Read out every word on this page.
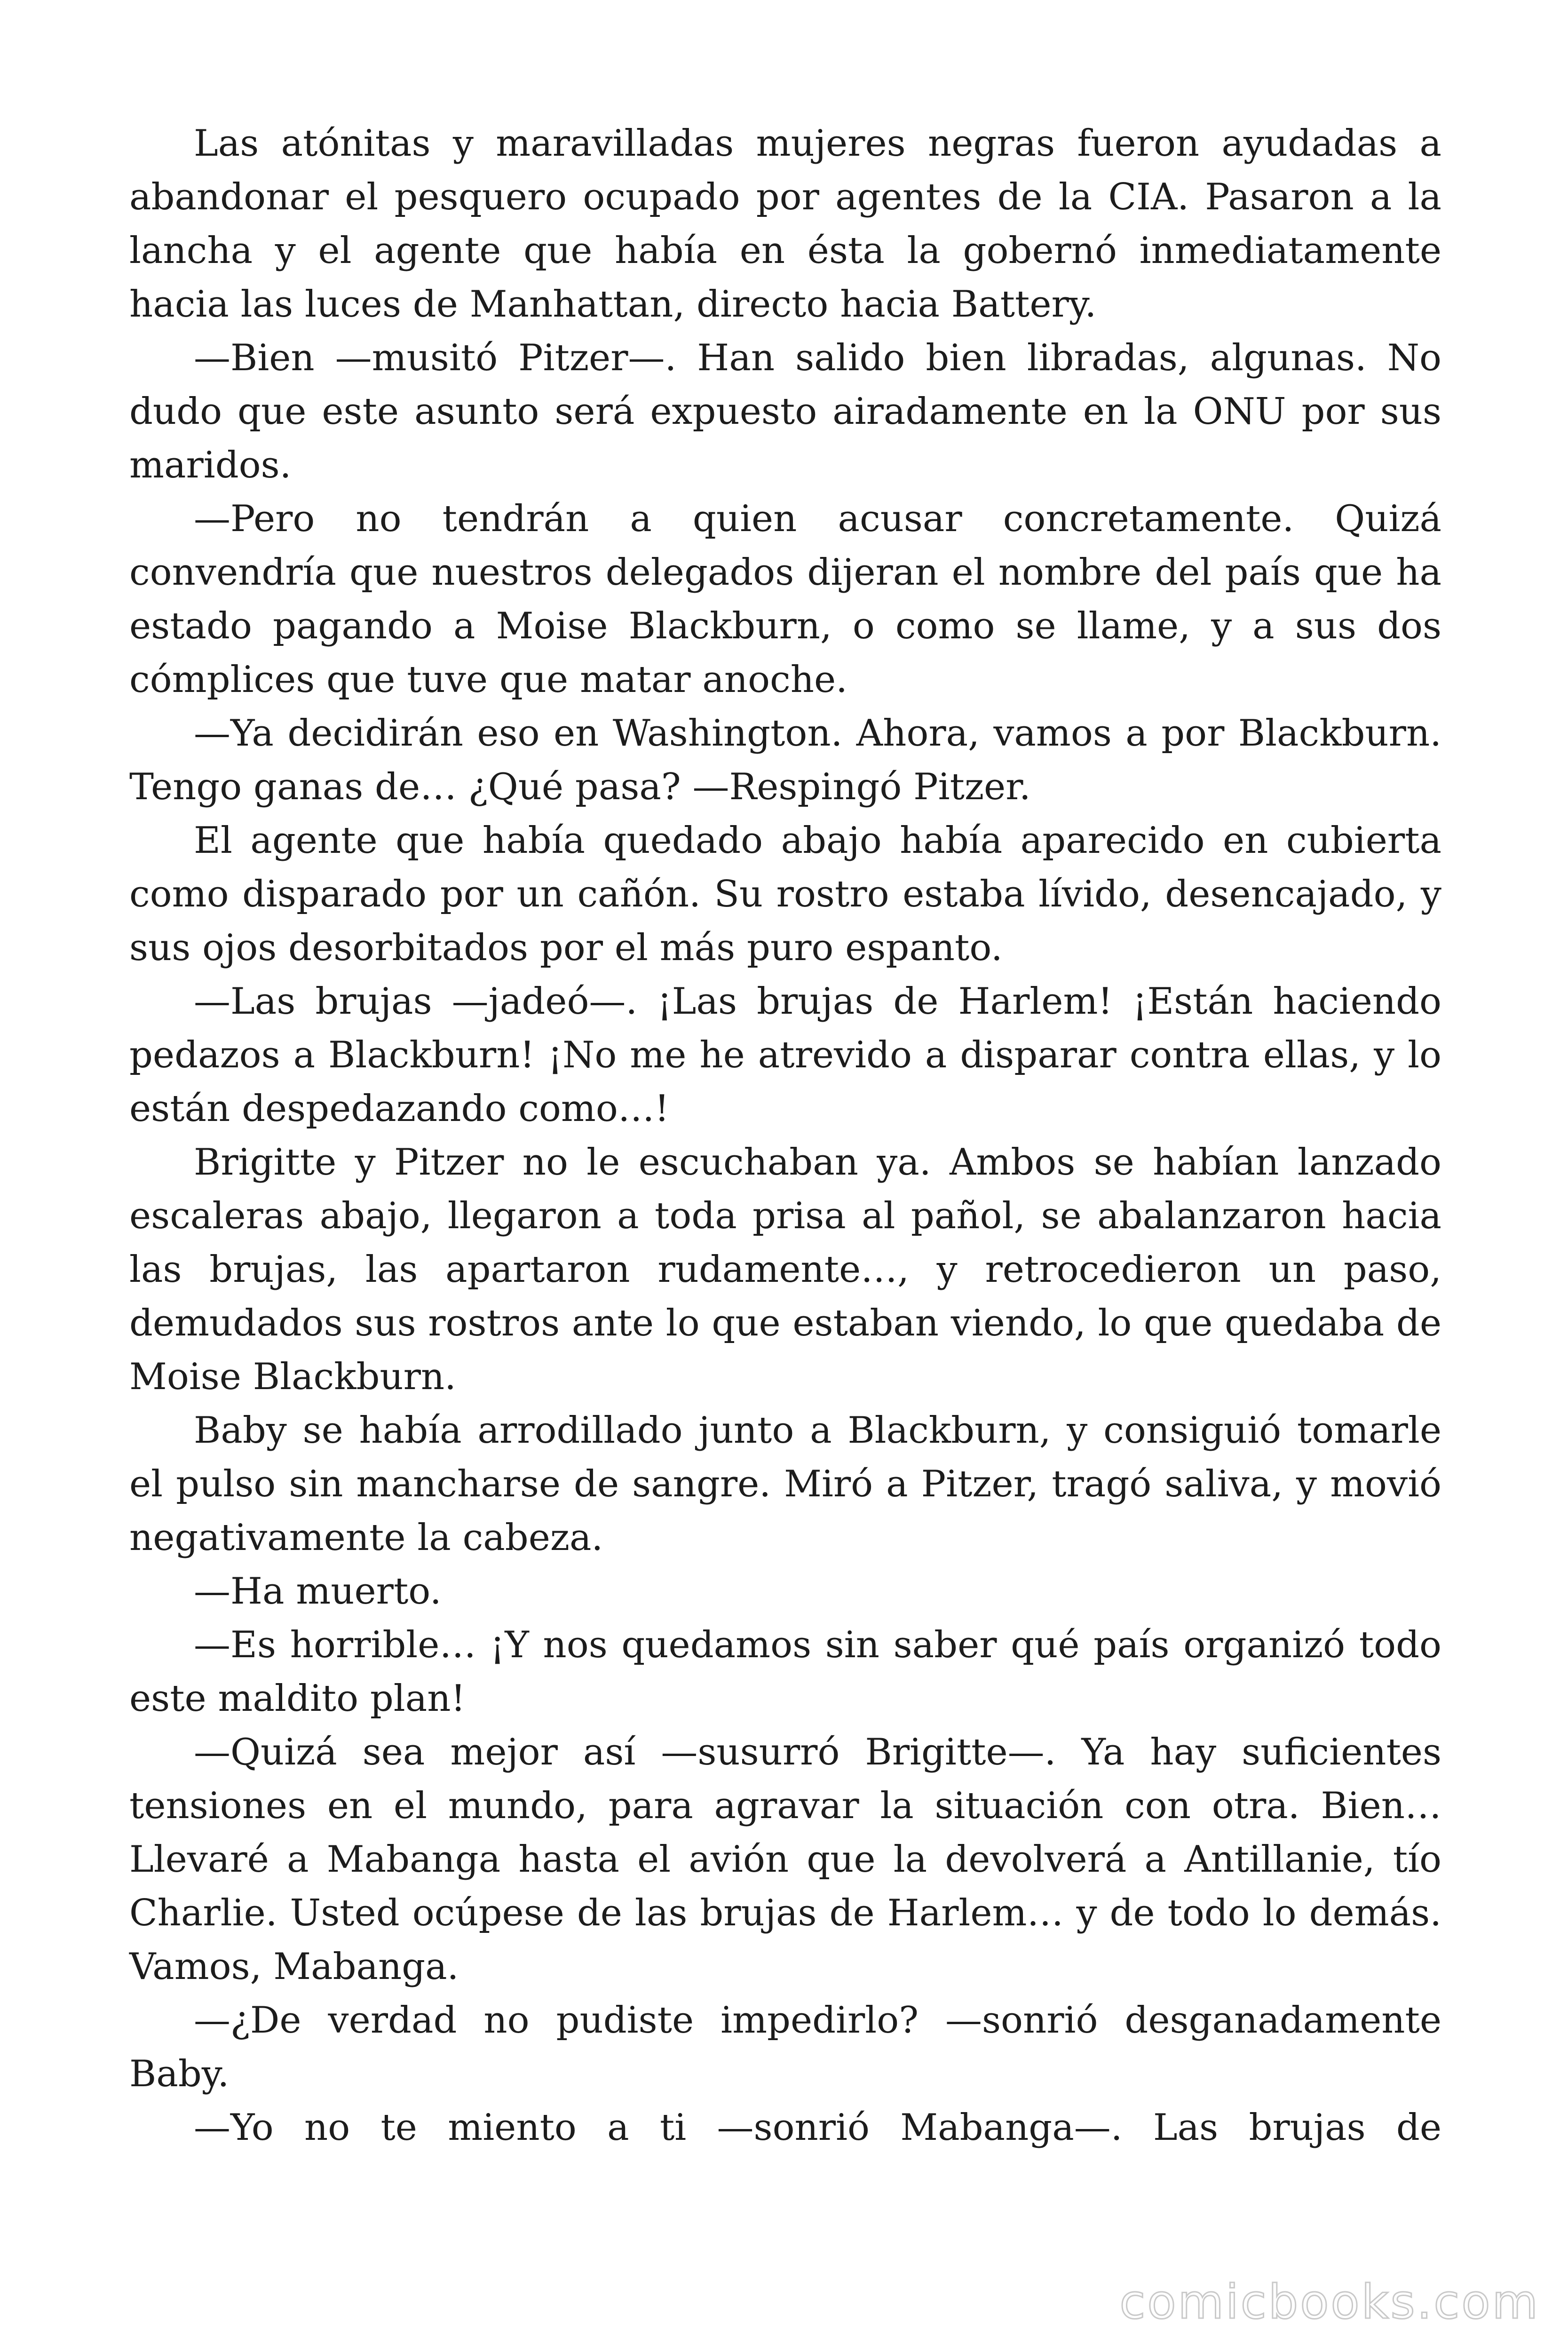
Las atónitas y maravilladas mujeres negras fueron ayudadas a abandonar el pesquero ocupado por agentes de la CIA. Pasaron a la lancha y el agente que había en ésta la gobernó inmediatamente hacia las luces de Manhattan, directo hacia Battery.

—Bien —musitó Pitzer—. Han salido bien libradas, algunas. No dudo que este asunto será expuesto airadamente en la ONU por sus maridos.

—Pero no tendrán a quien acusar concretamente. Quizá convendría que nuestros delegados dijeran el nombre del país que ha estado pagando a Moise Blackburn, o como se llame, y a sus dos cómplices que tuve que matar anoche.

—Ya decidirán eso en Washington. Ahora, vamos a por Blackburn. Tengo ganas de… ¿Qué pasa? —Respingó Pitzer.

El agente que había quedado abajo había aparecido en cubierta como disparado por un cañón. Su rostro estaba lívido, desencajado, y sus ojos desorbitados por el más puro espanto.

—Las brujas —jadeó—. ¡Las brujas de Harlem! ¡Están haciendo pedazos a Blackburn! ¡No me he atrevido a disparar contra ellas, y lo están despedazando como…!

Brigitte y Pitzer no le escuchaban ya. Ambos se habían lanzado escaleras abajo, llegaron a toda prisa al pañol, se abalanzaron hacia las brujas, las apartaron rudamente…, y retrocedieron un paso, demudados sus rostros ante lo que estaban viendo, lo que quedaba de Moise Blackburn.

Baby se había arrodillado junto a Blackburn, y consiguió tomarle el pulso sin mancharse de sangre. Miró a Pitzer, tragó saliva, y movió negativamente la cabeza.

—Ha muerto.

—Es horrible… ¡Y nos quedamos sin saber qué país organizó todo este maldito plan!

—Quizá sea mejor así —susurró Brigitte—. Ya hay suficientes tensiones en el mundo, para agravar la situación con otra. Bien… Llevaré a Mabanga hasta el avión que la devolverá a Antillanie, tío Charlie. Usted ocúpese de las brujas de Harlem… y de todo lo demás. Vamos, Mabanga.

—¿De verdad no pudiste impedirlo? —sonrió desganadamente Baby.

—Yo no te miento a ti —sonrió Mabanga—. Las brujas de

comicbooks.com
